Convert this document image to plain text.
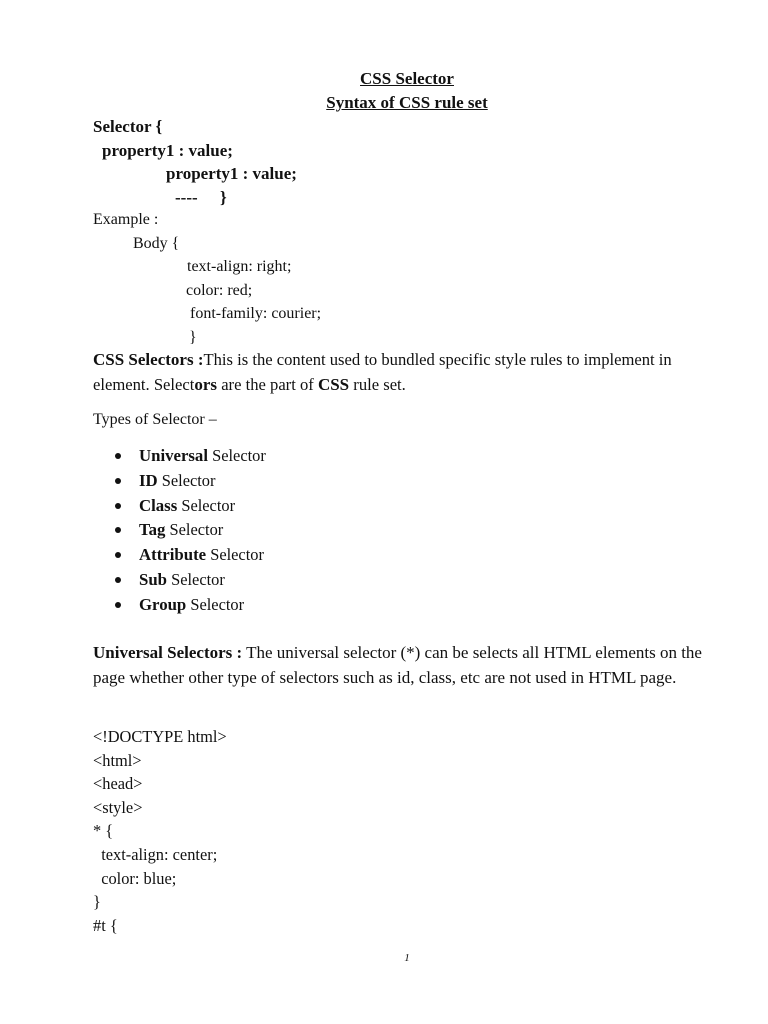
CSS Selector
Syntax of CSS rule set
Selector {
property1 : value;
property1 : value;
---- }
Example :
Body {
text-align: right;
color: red;
font-family: courier;
}
CSS Selectors :This is the content used to bundled specific style rules to implement in element. Selectors are the part of CSS rule set.
Types of Selector –
Universal Selector
ID Selector
Class Selector
Tag Selector
Attribute Selector
Sub Selector
Group Selector
Universal Selectors : The universal selector (*) can be selects all HTML elements on the page whether other type of selectors such as id, class, etc are not used in HTML page.
<!DOCTYPE html>
<html>
<head>
<style>
* {
text-align: center;
color: blue;
}
#t {
1
